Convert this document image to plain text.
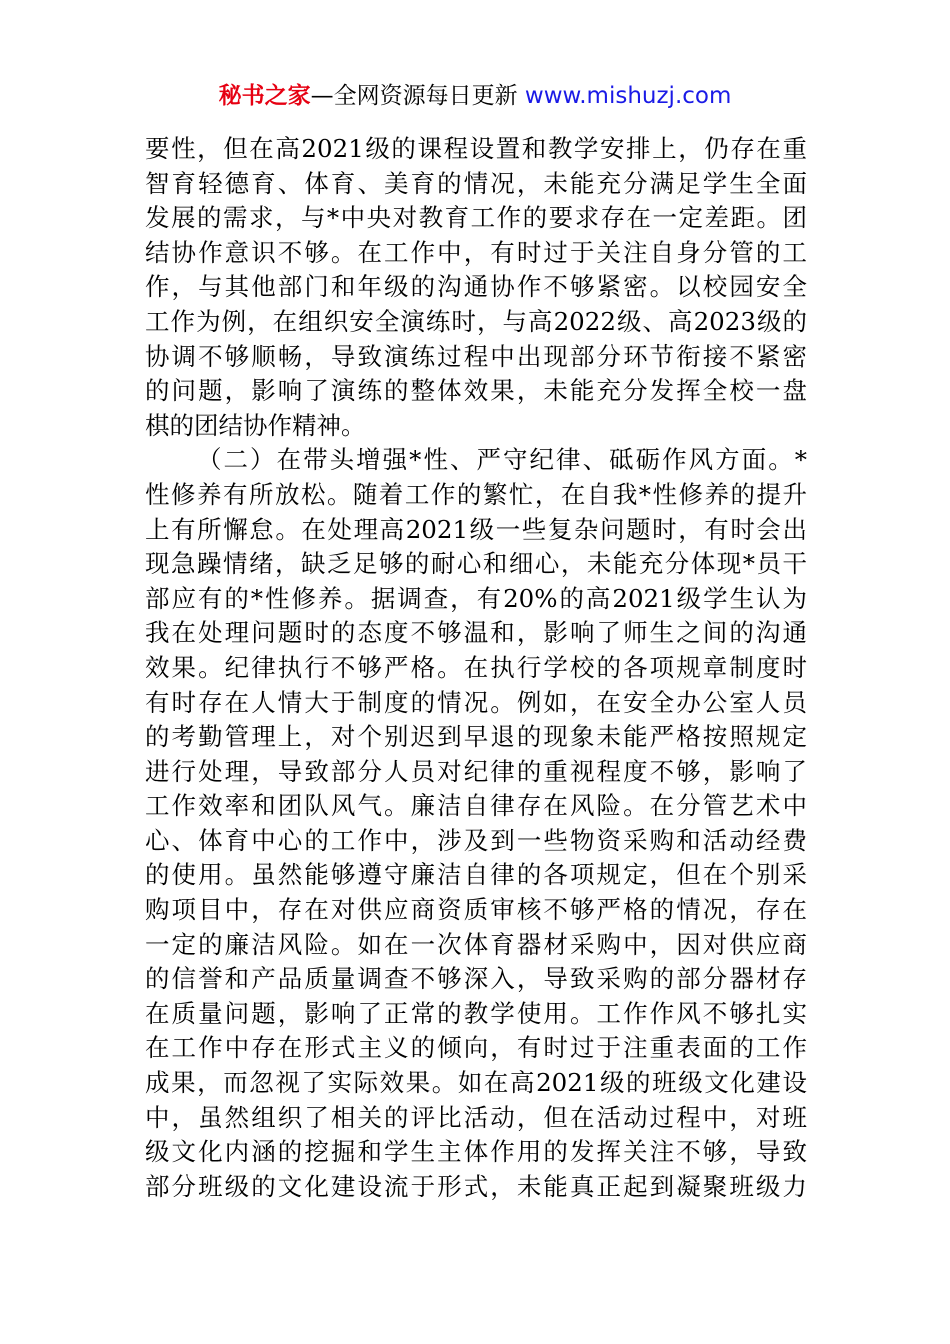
秘书之家—全网资源每日更新 www.mishuzj.com
要性，但在高2021级的课程设置和教学安排上，仍存在重
智育轻德育、体育、美育的情况，未能充分满足学生全面
发展的需求，与*中央对教育工作的要求存在一定差距。团
结协作意识不够。在工作中，有时过于关注自身分管的工
作，与其他部门和年级的沟通协作不够紧密。以校园安全
工作为例，在组织安全演练时，与高2022级、高2023级的
协调不够顺畅，导致演练过程中出现部分环节衔接不紧密
的问题，影响了演练的整体效果，未能充分发挥全校一盘
棋的团结协作精神。
（二）在带头增强*性、严守纪律、砥砺作风方面。*
性修养有所放松。随着工作的繁忙，在自我*性修养的提升
上有所懈怠。在处理高2021级一些复杂问题时，有时会出
现急躁情绪，缺乏足够的耐心和细心，未能充分体现*员干
部应有的*性修养。据调查，有20%的高2021级学生认为
我在处理问题时的态度不够温和，影响了师生之间的沟通
效果。纪律执行不够严格。在执行学校的各项规章制度时
有时存在人情大于制度的情况。例如，在安全办公室人员
的考勤管理上，对个别迟到早退的现象未能严格按照规定
进行处理，导致部分人员对纪律的重视程度不够，影响了
工作效率和团队风气。廉洁自律存在风险。在分管艺术中
心、体育中心的工作中，涉及到一些物资采购和活动经费
的使用。虽然能够遵守廉洁自律的各项规定，但在个别采
购项目中，存在对供应商资质审核不够严格的情况，存在
一定的廉洁风险。如在一次体育器材采购中，因对供应商
的信誉和产品质量调查不够深入，导致采购的部分器材存
在质量问题，影响了正常的教学使用。工作作风不够扎实
在工作中存在形式主义的倾向，有时过于注重表面的工作
成果，而忽视了实际效果。如在高2021级的班级文化建设
中，虽然组织了相关的评比活动，但在活动过程中，对班
级文化内涵的挖掘和学生主体作用的发挥关注不够，导致
部分班级的文化建设流于形式，未能真正起到凝聚班级力
